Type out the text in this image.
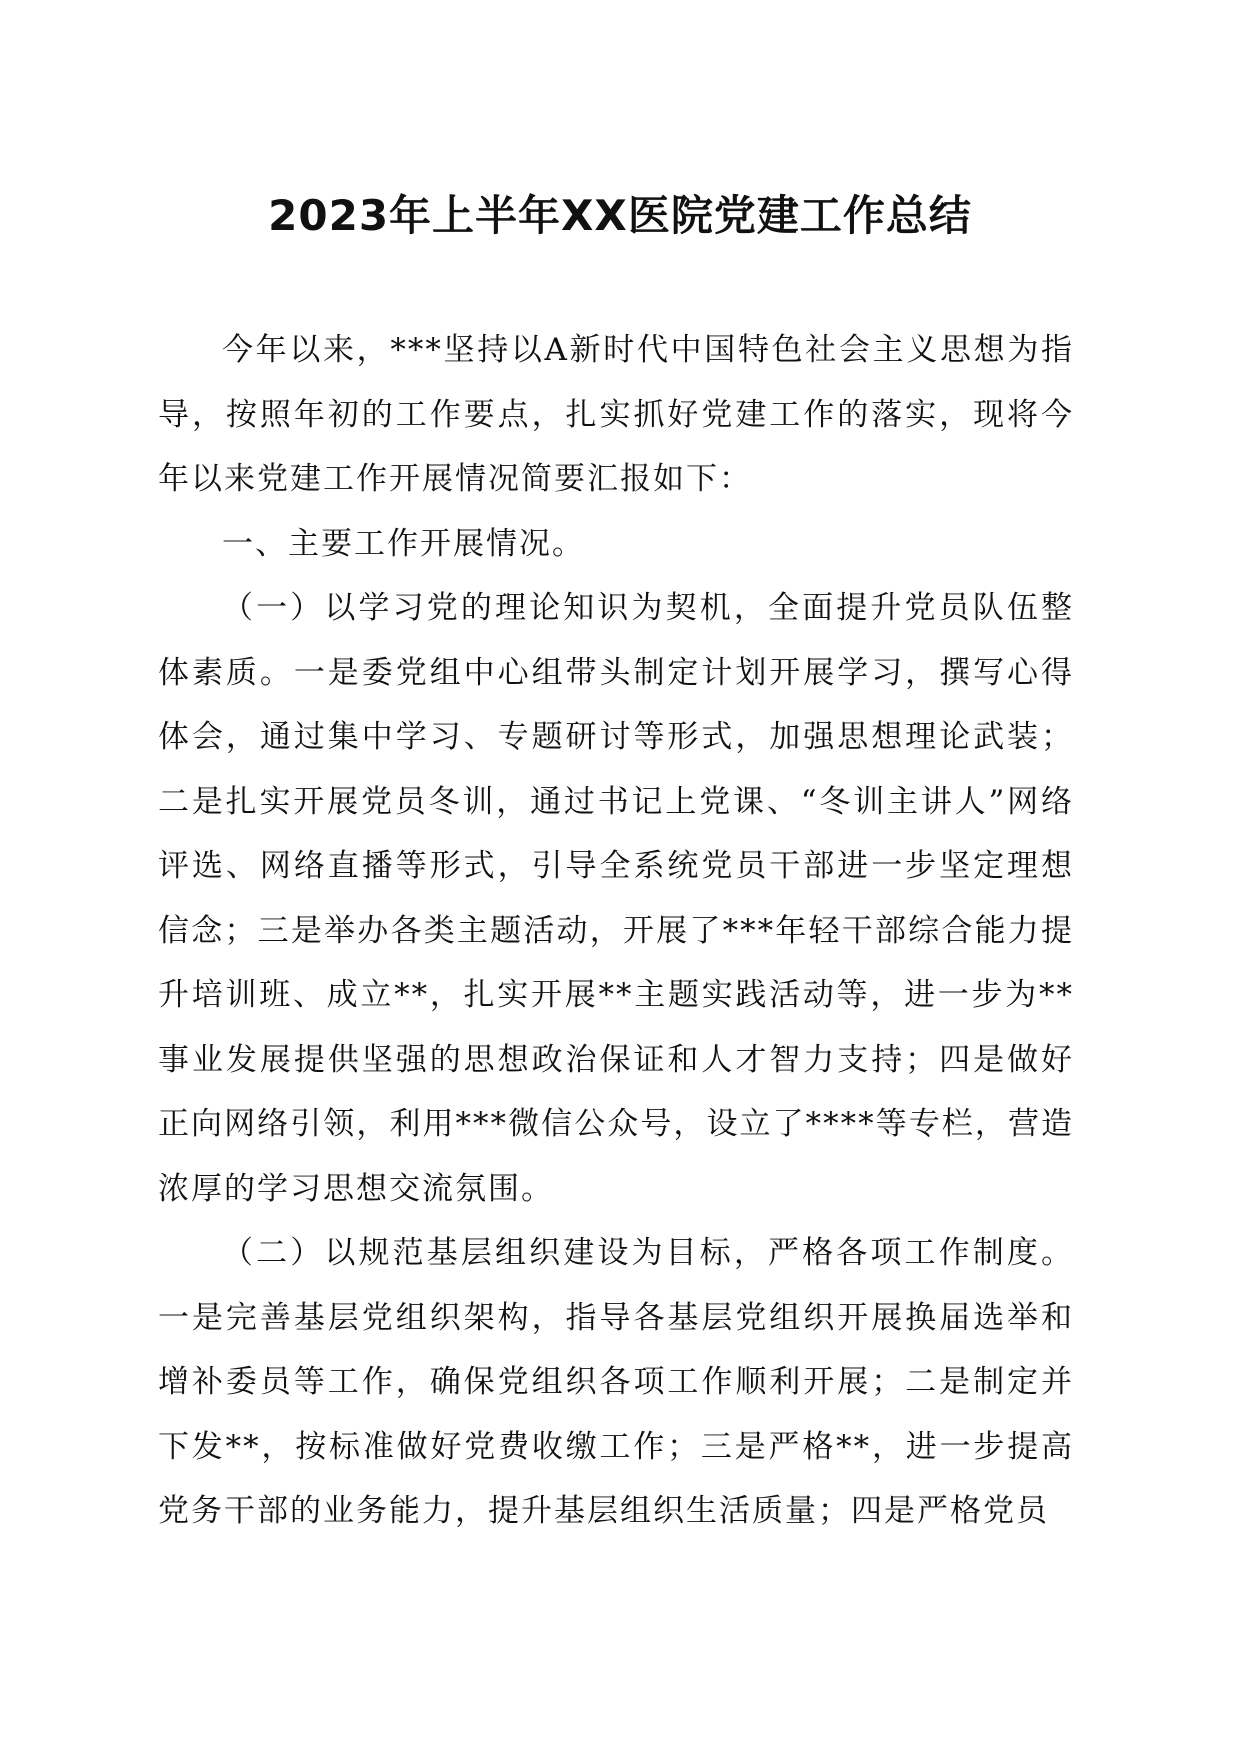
2023年上半年XX医院党建工作总结

今年以来，***坚持以A新时代中国特色社会主义思想为指导，按照年初的工作要点，扎实抓好党建工作的落实，现将今年以来党建工作开展情况简要汇报如下：

一、主要工作开展情况。

（一）以学习党的理论知识为契机，全面提升党员队伍整体素质。一是委党组中心组带头制定计划开展学习，撰写心得体会，通过集中学习、专题研讨等形式，加强思想理论武装；二是扎实开展党员冬训，通过书记上党课、“冬训主讲人”网络评选、网络直播等形式，引导全系统党员干部进一步坚定理想信念；三是举办各类主题活动，开展了***年轻干部综合能力提升培训班、成立**，扎实开展**主题实践活动等，进一步为**事业发展提供坚强的思想政治保证和人才智力支持；四是做好正向网络引领，利用***微信公众号，设立了****等专栏，营造浓厚的学习思想交流氛围。

（二）以规范基层组织建设为目标，严格各项工作制度。一是完善基层党组织架构，指导各基层党组织开展换届选举和增补委员等工作，确保党组织各项工作顺利开展；二是制定并下发**，按标准做好党费收缴工作；三是严格**，进一步提高党务干部的业务能力，提升基层组织生活质量；四是严格党员
